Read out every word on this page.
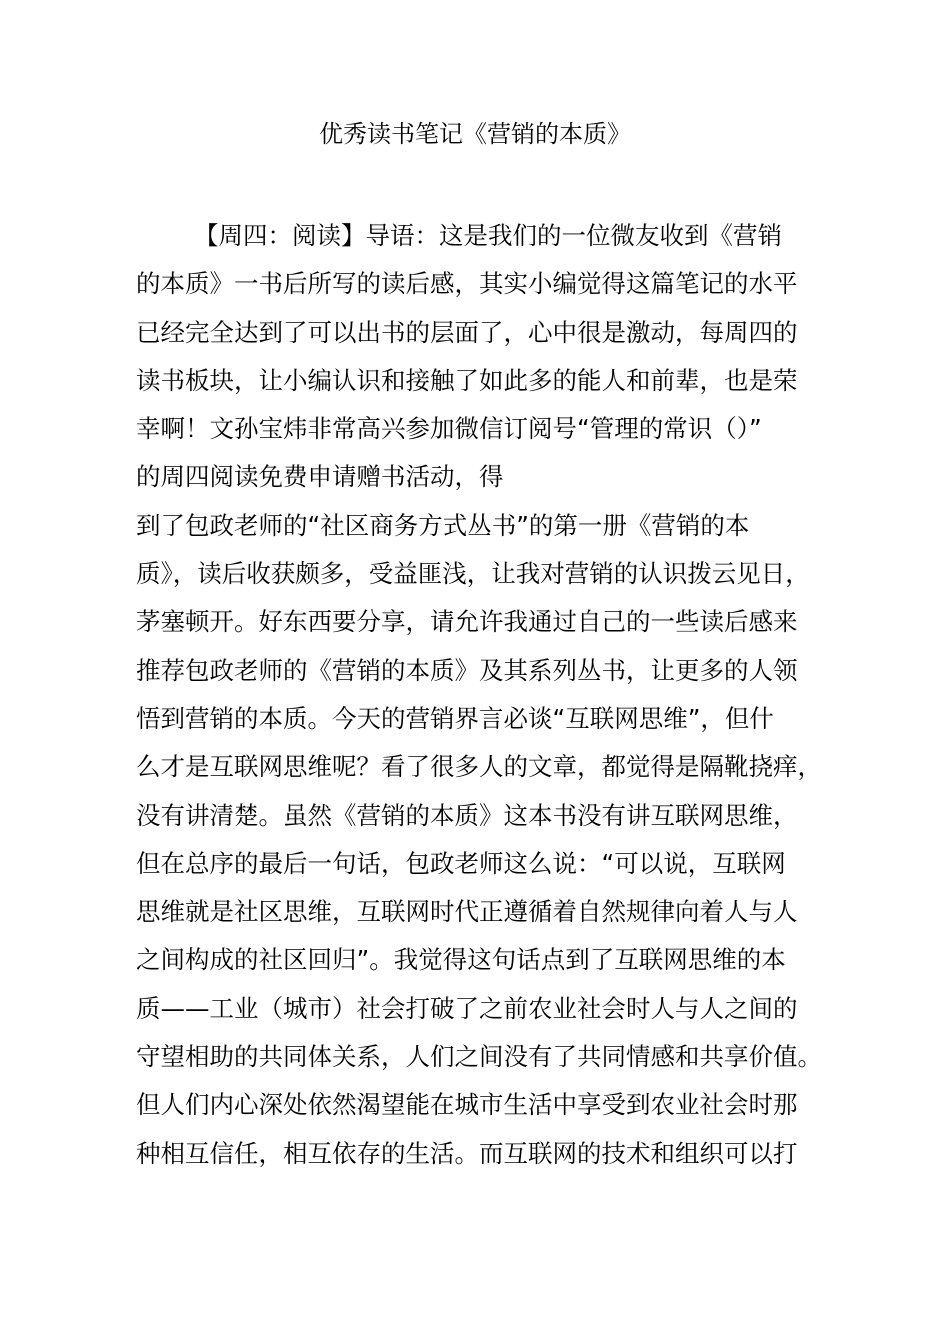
优秀读书笔记《营销的本质》
【周四：阅读】导语：这是我们的一位微友收到《营销
的本质》一书后所写的读后感，其实小编觉得这篇笔记的水平
已经完全达到了可以出书的层面了，心中很是激动，每周四的
读书板块，让小编认识和接触了如此多的能人和前辈，也是荣
幸啊！文孙宝炜非常高兴参加微信订阅号“管理的常识（）”
的周四阅读免费申请赠书活动，得
到了包政老师的“社区商务方式丛书”的第一册《营销的本
质》，读后收获颇多，受益匪浅，让我对营销的认识拨云见日，
茅塞顿开。好东西要分享，请允许我通过自己的一些读后感来
推荐包政老师的《营销的本质》及其系列丛书，让更多的人领
悟到营销的本质。今天的营销界言必谈“互联网思维”，但什
么才是互联网思维呢？看了很多人的文章，都觉得是隔靴挠痒，
没有讲清楚。虽然《营销的本质》这本书没有讲互联网思维，
但在总序的最后一句话，包政老师这么说：“可以说，互联网
思维就是社区思维，互联网时代正遵循着自然规律向着人与人
之间构成的社区回归”。我觉得这句话点到了互联网思维的本
质——工业（城市）社会打破了之前农业社会时人与人之间的
守望相助的共同体关系，人们之间没有了共同情感和共享价值。
但人们内心深处依然渴望能在城市生活中享受到农业社会时那
种相互信任，相互依存的生活。而互联网的技术和组织可以打
